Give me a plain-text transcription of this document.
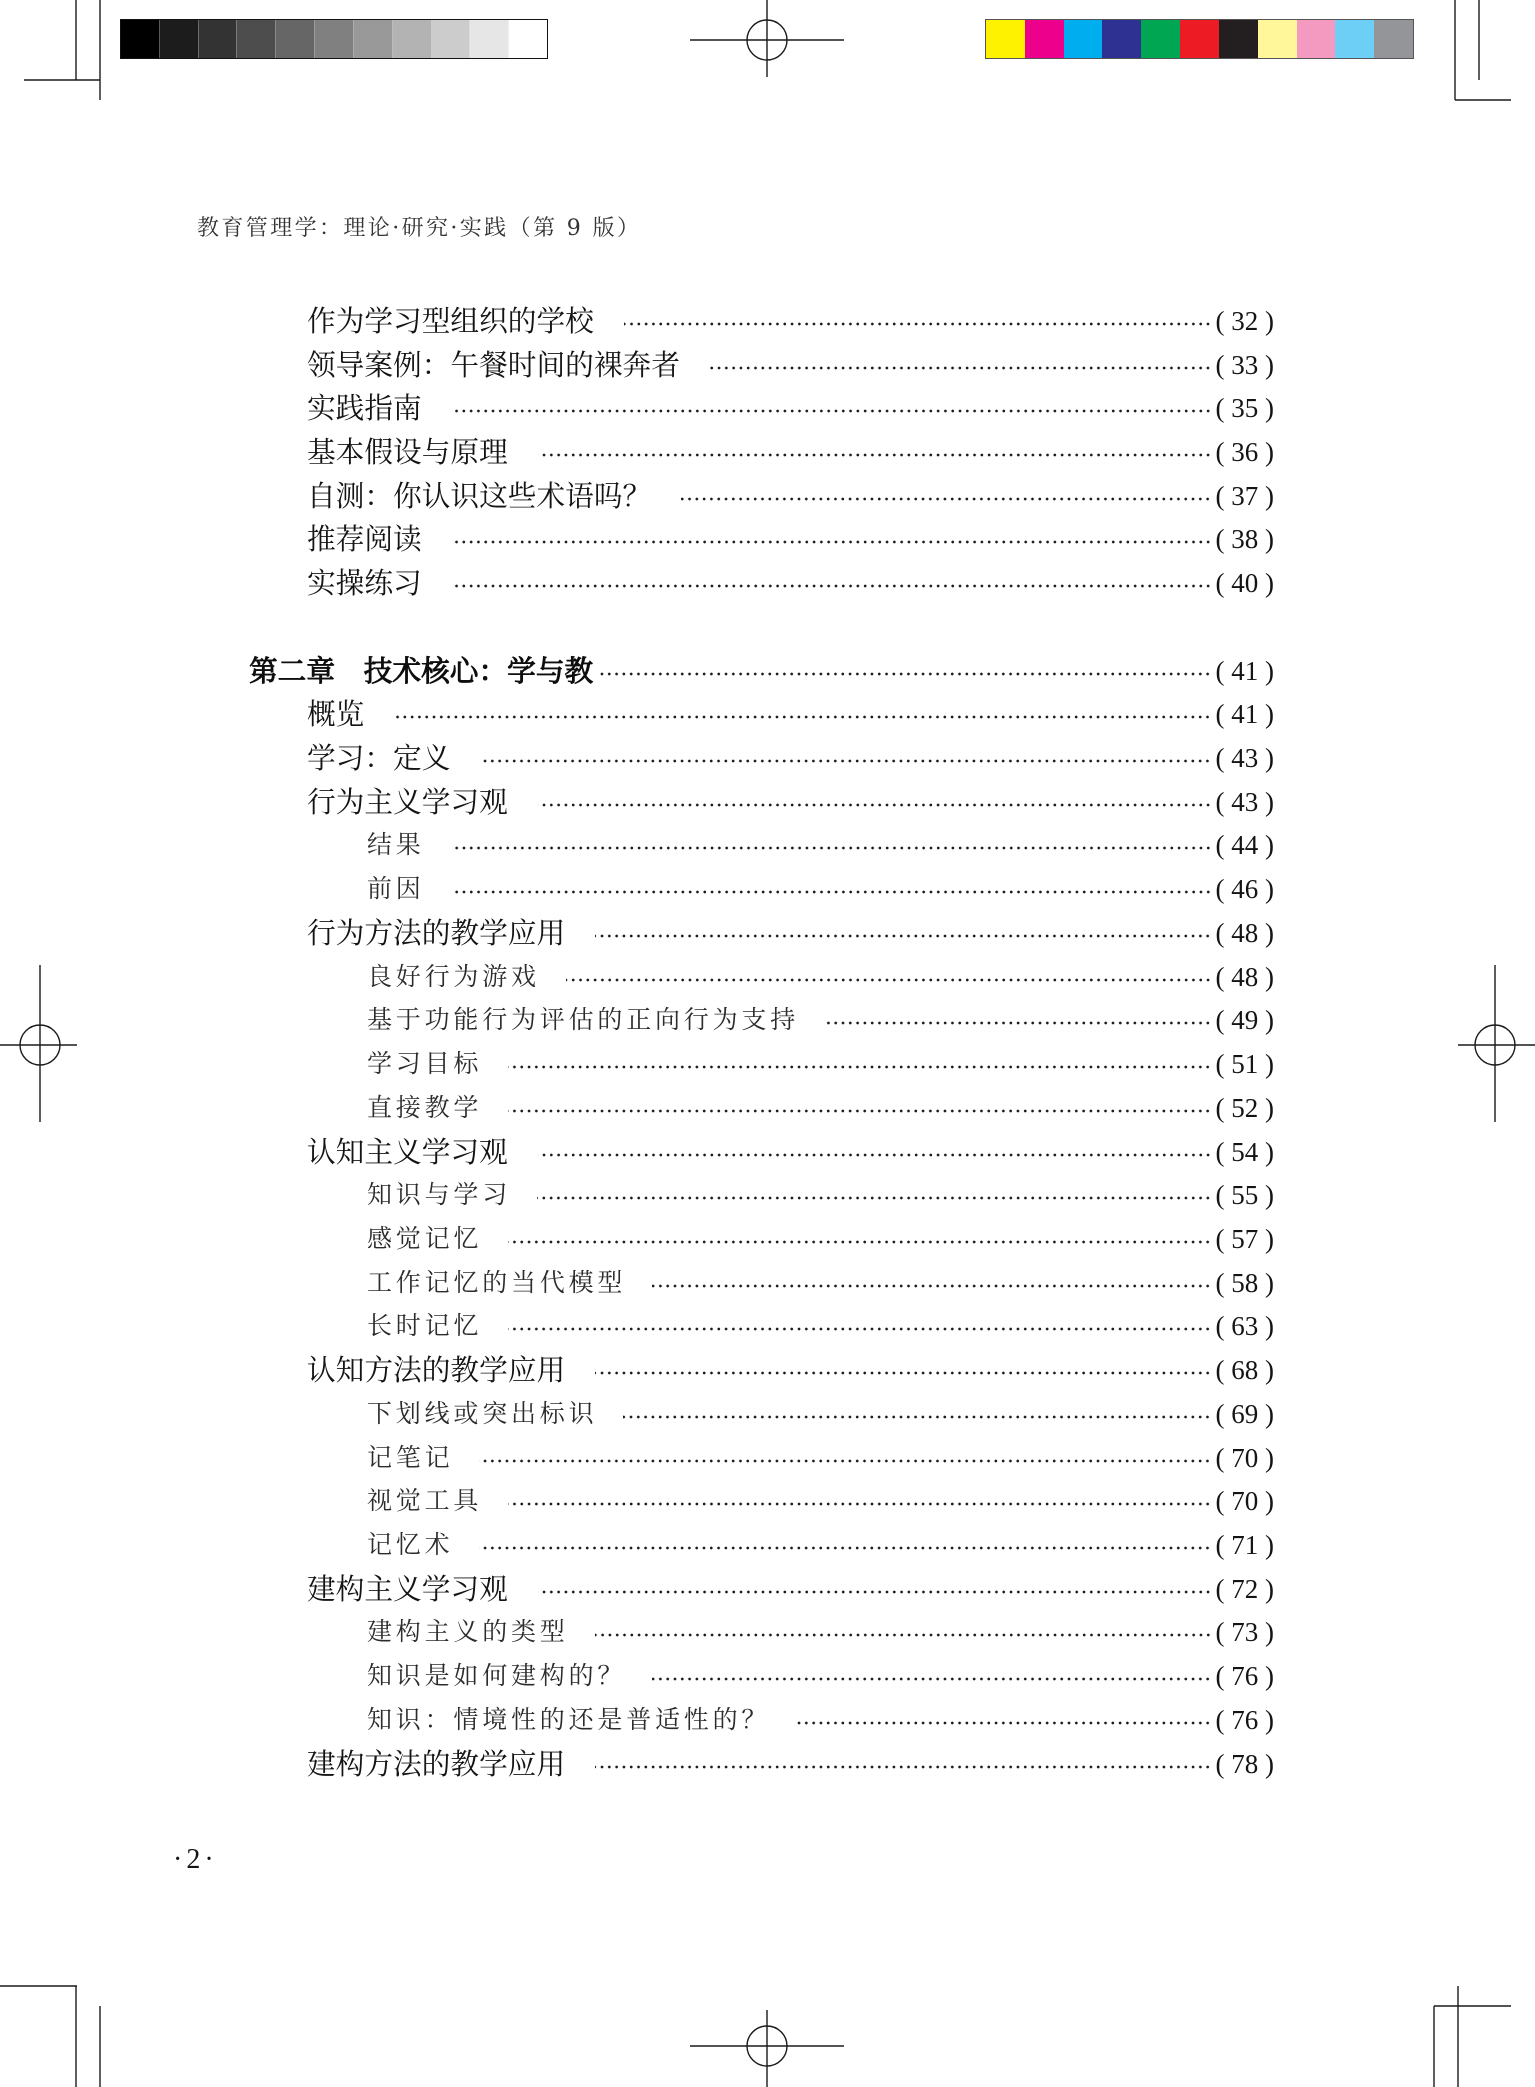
教育管理学：理论·研究·实践（第 9 版）
作为学习型组织的学校	( 32 )
领导案例：午餐时间的裸奔者	( 33 )
实践指南	( 35 )
基本假设与原理	( 36 )
自测：你认识这些术语吗？	( 37 )
推荐阅读	( 38 )
实操练习	( 40 )
第二章　技术核心：学与教	( 41 )
概览	( 41 )
学习：定义	( 43 )
行为主义学习观	( 43 )
结果	( 44 )
前因	( 46 )
行为方法的教学应用	( 48 )
良好行为游戏	( 48 )
基于功能行为评估的正向行为支持	( 49 )
学习目标	( 51 )
直接教学	( 52 )
认知主义学习观	( 54 )
知识与学习	( 55 )
感觉记忆	( 57 )
工作记忆的当代模型	( 58 )
长时记忆	( 63 )
认知方法的教学应用	( 68 )
下划线或突出标识	( 69 )
记笔记	( 70 )
视觉工具	( 70 )
记忆术	( 71 )
建构主义学习观	( 72 )
建构主义的类型	( 73 )
知识是如何建构的？	( 76 )
知识：情境性的还是普适性的？	( 76 )
建构方法的教学应用	( 78 )
·2·
